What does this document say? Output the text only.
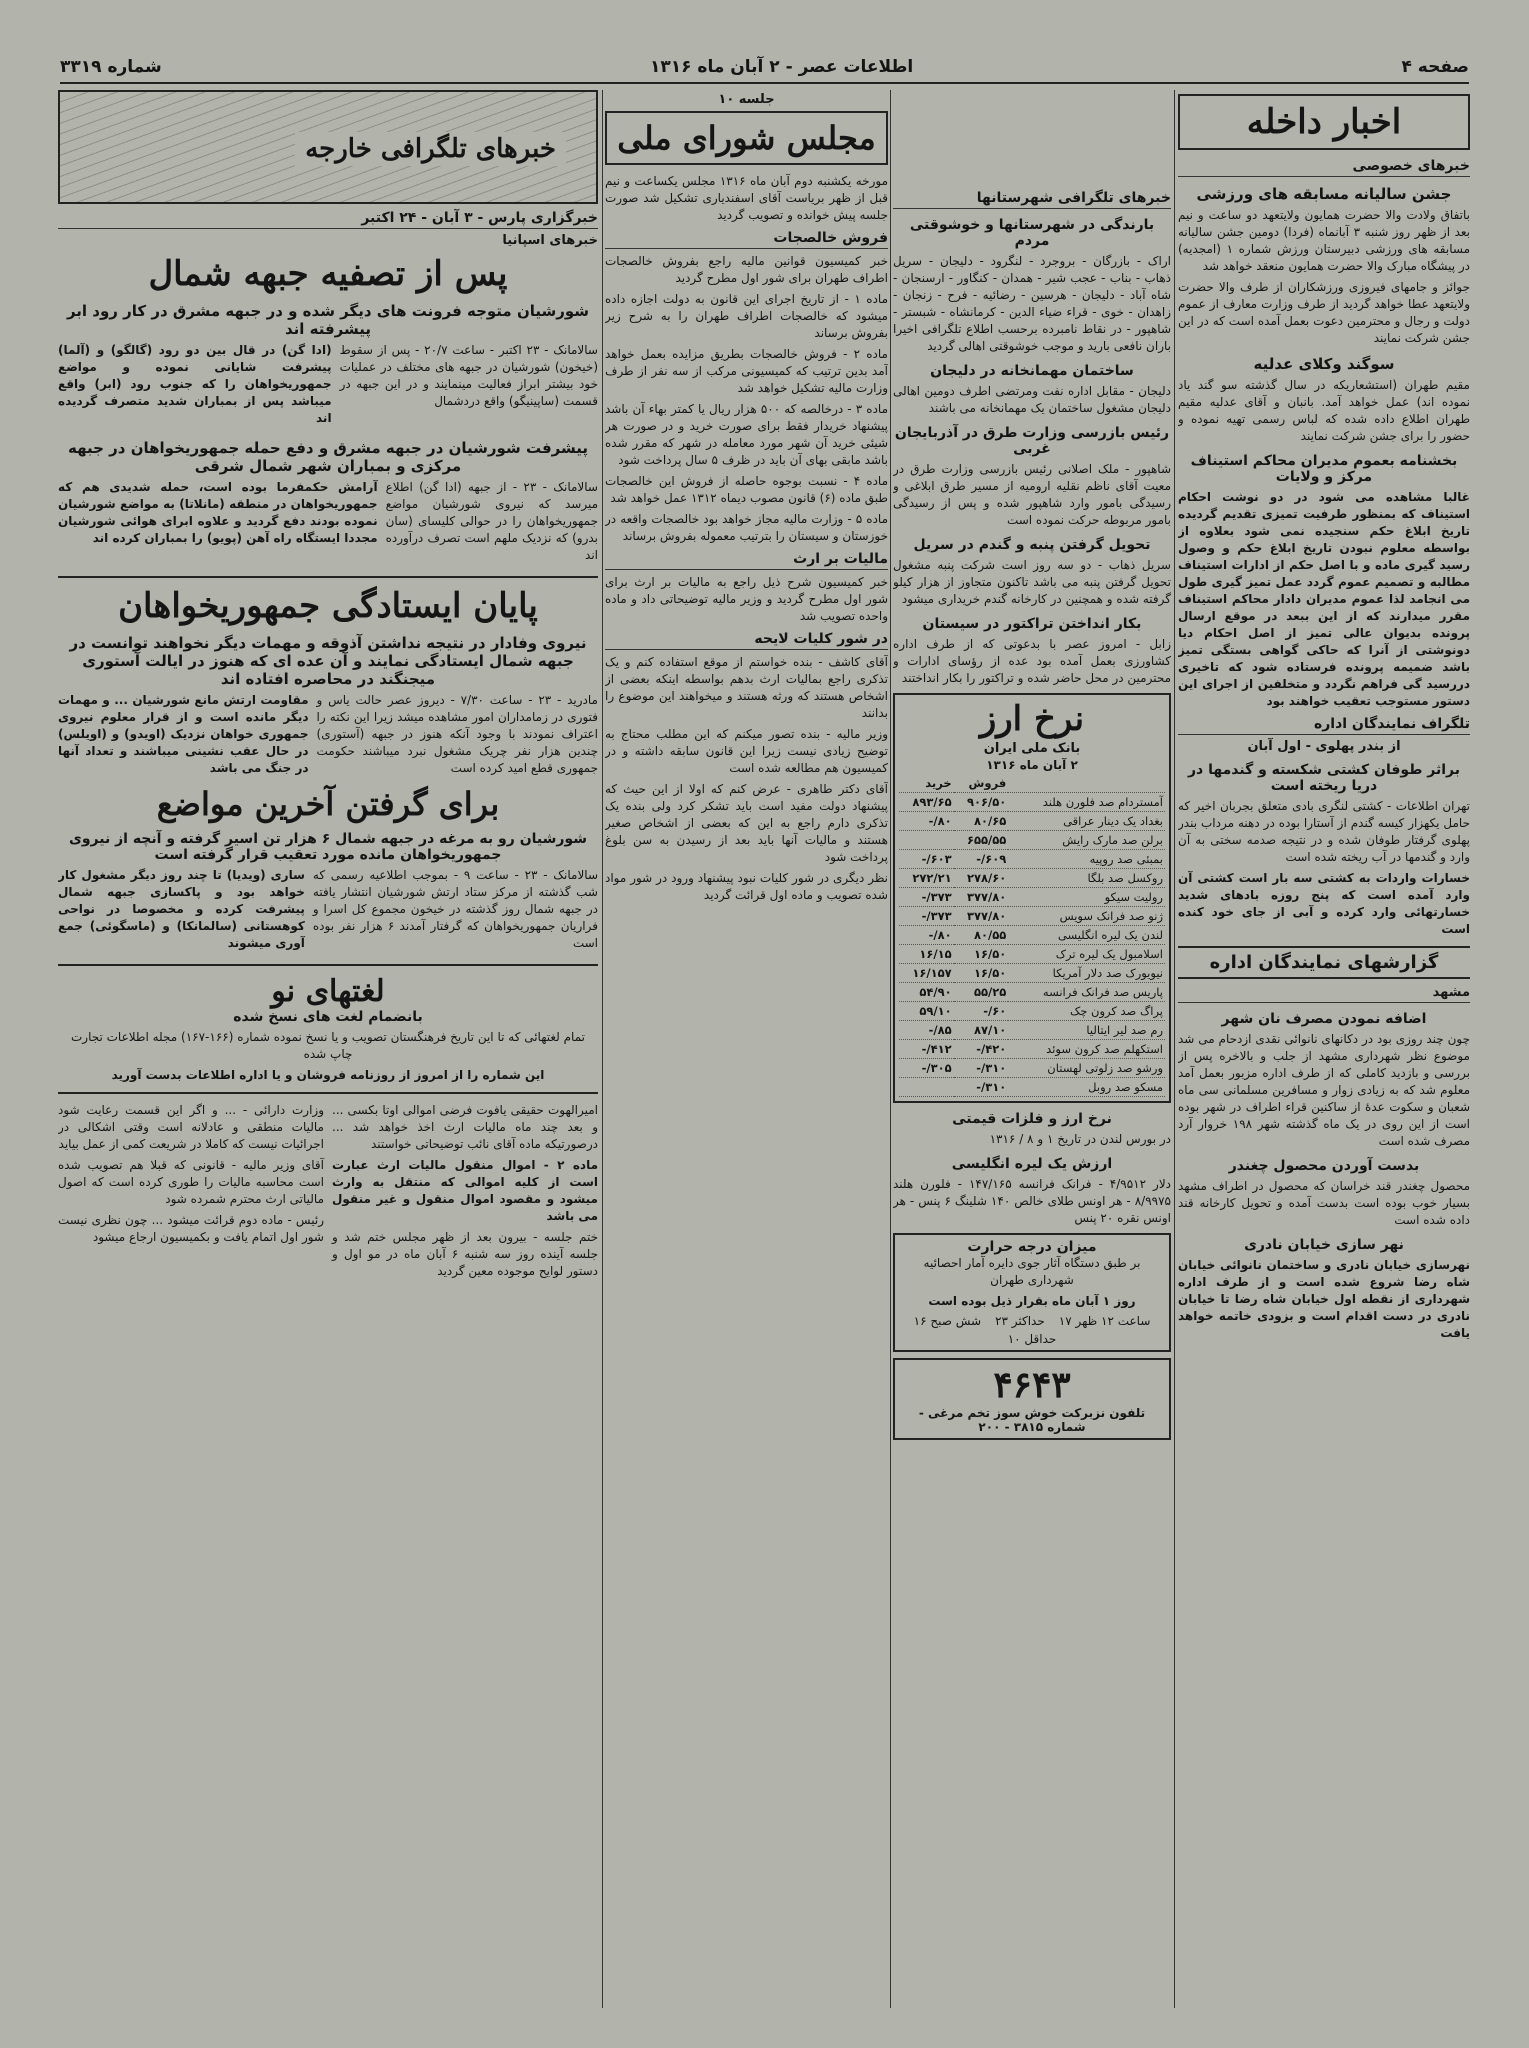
صفحه ۴
اطلاعات عصر - ۲ آبان ماه ۱۳۱۶
شماره ۳۳۱۹
اخبار داخله
خبرهای خصوصی
جشن سالیانه مسابقه های ورزشی

باتفاق ولادت والا حضرت همایون ولایتعهد دو ساعت و نیم بعد از ظهر روز شنبه ۳ آبانماه (فردا) دومین جشن سالیانه مسابقه های ورزشی دبیرستان ورزش شماره ۱ (امجدیه) در پیشگاه مبارک والا حضرت همایون منعقد خواهد شد

جوائز و جامهای فیروزی ورزشکاران از طرف والا حضرت ولایتعهد عطا خواهد گردید از طرف وزارت معارف از عموم دولت و رجال و محترمین دعوت بعمل آمده است که در این جشن شرکت نمایند

سوگند وکلای عدلیه

مقیم طهران (استشعاریکه در سال گذشته سو گند یاد نموده اند) عمل خواهد آمد. بانبان و آقای عدلیه مقیم طهران اطلاع داده شده که لباس رسمی تهیه نموده و حضور را برای جشن شرکت نمایند

بخشنامه بعموم مدیران محاکم استیناف مرکز و ولایات

غالبا مشاهده می شود در دو نوشت احکام استیناف که بمنظور طرفیت تمیزی تقدیم گردیده تاریخ ابلاغ حکم سنجیده نمی شود بعلاوه از بواسطه معلوم نبودن تاریخ ابلاغ حکم و وصول رسید گیری ماده و با اصل حکم از ادارات استیناف مطالبه و تصمیم عموم گردد عمل تمیز گیری طول می انجامد لذا عموم مدیران دادار محاکم استیناف مقرر میدارند که از این ببعد در موقع ارسال پرونده بدیوان عالی تمیز از اصل احکام دیا دونوشتی از آنرا که حاکی گواهی بستگی تمیز باشد ضمیمه پرونده فرستاده شود که تاخیری دررسید گی فراهم نگردد و متخلفین از اجرای این دستور مستوجب تعقیب خواهند بود

تلگراف نمایندگان اداره
از بندر پهلوی - اول آبان
براثر طوفان کشتی شکسته و گندمها در دریا ریخته است

تهران اطلاعات - کشتی لنگری بادی متعلق بجربان اخیر که حامل یکهزار کیسه گندم از آستارا بوده در دهنه مرداب بندر پهلوی گرفتار طوفان شده و در نتیجه صدمه سختی به آن وارد و گندمها در آب ریخته شده است

خسارات واردات به کشتی سه بار است کشتی آن وارد آمده است که پنج روزه بادهای شدید خسارتهائی وارد کرده و آبی از جای خود کنده است

گزارشهای نمایندگان اداره
مشهد
اضافه نمودن مصرف نان شهر

چون چند روزی بود در دکانهای نانوائی نقدی ازدحام می شد موضوع نظر شهرداری مشهد از جلب و بالاخره پس از بررسی و بازدید کاملی که از طرف اداره مزبور بعمل آمد معلوم شد که به زیادی زوار و مسافرین مسلمانی سی ماه شعبان و سکوت عدۀ از ساکنین قراء اطراف در شهر بوده است از این روی در یک ماه گذشته شهر ۱۹۸ خروار آرد مصرف شده است

بدست آوردن محصول چغندر

محصول چغندر قند خراسان که محصول در اطراف مشهد بسیار خوب بوده است بدست آمده و تحویل کارخانه قند داده شده است

نهر سازی خیابان نادری

نهرسازی خیابان نادری و ساختمان نانوائی خیابان شاه رضا شروع شده است و از طرف اداره شهرداری از نقطه اول خیابان شاه رضا تا خیابان نادری در دست اقدام است و بزودی خاتمه خواهد یافت

خبرهای تلگرافی شهرستانها
بارندگی در شهرستانها و خوشوقتی مردم

اراک - بازرگان - بروجرد - لنگرود - دلیجان - سریل ذهاب - بناب - عجب شیر - همدان - کنگاور - ارسنجان - شاه آباد - دلیجان - هرسین - رضائیه - فرح - زنجان - زاهدان - خوی - قراء ضیاء الدین - کرمانشاه - شبستر - شاهپور - در نقاط نامبرده برحسب اطلاع تلگرافی اخیرا باران نافعی بارید و موجب خوشوقتی اهالی گردید

ساختمان مهمانخانه در دلیجان

دلیجان - مقابل اداره نفت ومرتضی اطرف دومین اهالی دلیجان مشغول ساختمان یک مهمانخانه می باشند

رئیس بازرسی وزارت طرق در آذربایجان غربی

شاهپور - ملک اصلانی رئیس بازرسی وزارت طرق در معیت آقای ناظم نقلیه ارومیه از مسیر طرق ابلاغی و رسیدگی بامور وارد شاهپور شده و پس از رسیدگی بامور مربوطه حرکت نموده است

تحویل گرفتن پنبه و گندم در سریل

سریل ذهاب - دو سه روز است شرکت پنبه مشغول تحویل گرفتن پنبه می باشد تاکنون متجاوز از هزار کیلو گرفته شده و همچنین در کارخانه گندم خریداری میشود

بکار انداختن تراکتور در سیستان

زابل - امروز عصر با بدعوتی که از طرف اداره کشاورزی بعمل آمده بود عده از رؤسای ادارات و محترمین در محل حاضر شده و تراکتور را بکار انداختند

نرخ ارز
بانک ملی ایران
۲ آبان ماه ۱۳۱۶
	فروش	خرید
آمستردام صد فلورن هلند	۹۰۶/۵۰	۸۹۳/۶۵
بغداد یک دینار عراقی	۸۰/۶۵	۸۰/-
برلن صد مارک رایش	۶۵۵/۵۵	
بمبئی صد روپیه	۶۰۹/-	۶۰۳/-
روکسل صد بلگا	۲۷۸/۶۰	۲۷۲/۲۱
رولیت سیکو	۳۷۷/۸۰	۳۷۳/-
ژنو صد فرانک سویس	۳۷۷/۸۰	۳۷۳/-
لندن یک لیره انگلیسی	۸۰/۵۵	۸۰/-
اسلامبول یک لیره ترک	۱۶/۵۰	۱۶/۱۵
نیویورک صد دلار آمریکا	۱۶/۵۰	۱۶/۱۵۷
پاریس صد فرانک فرانسه	۵۵/۲۵	۵۴/۹۰
پراگ صد کرون چک	۶۰/-	۵۹/۱۰
رم صد لیر ایتالیا	۸۷/۱۰	۸۵/-
استکهلم صد کرون سوئد	۴۲۰/-	۴۱۲/-
ورشو صد زلوتی لهستان	۳۱۰/-	۳۰۵/-
مسکو صد روبل	۳۱۰/-	
نرخ ارز و فلزات قیمتی

در بورس لندن در تاریخ ۱ و ۸ / ۱۳۱۶

ارزش یک لیره انگلیسی

دلار ۴/۹۵۱۲ - فرانک فرانسه ۱۴۷/۱۶۵ - فلورن هلند ۸/۹۹۷۵ - هر اونس طلای خالص ۱۴۰ شلینگ ۶ پنس - هر اونس نقره ۲۰ پنس

میزان درجه حرارت

بر طبق دستگاه آثار جوی دایره آمار احصائیه شهرداری طهران

روز ۱ آبان ماه بقرار ذیل بوده است

ساعت ۱۲ ظهر ۱۷
حداکثر ۲۳
شش صبح ۱۶
حداقل ۱۰
۴۶۴۳
تلفون نزبرکت خوش سوز تخم مرغی - شماره ۳۸۱۵ - ۲۰۰
جلسه ۱۰
مجلس شورای ملی

مورخه یکشنبه دوم آبان ماه ۱۳۱۶ مجلس یکساعت و نیم قبل از ظهر بریاست آقای اسفندیاری تشکیل شد صورت جلسه پیش خوانده و تصویب گردید

فروش خالصجات

خبر کمیسیون قوانین مالیه راجع بفروش خالصجات اطراف طهران برای شور اول مطرح گردید

ماده ۱ - از تاریخ اجرای این قانون به دولت اجازه داده میشود که خالصجات اطراف طهران را به شرح زیر بفروش برساند

ماده ۲ - فروش خالصجات بطریق مزایده بعمل خواهد آمد بدین ترتیب که کمیسیونی مرکب از سه نفر از طرف وزارت مالیه تشکیل خواهد شد

ماده ۳ - درخالصه که ۵۰۰ هزار ریال یا کمتر بهاء آن باشد پیشنهاد خریدار فقط برای صورت خرید و در صورت هر شیئی خرید آن شهر مورد معامله در شهر که مقرر شده باشد مابقی بهای آن باید در ظرف ۵ سال پرداخت شود

ماده ۴ - نسبت بوجوه حاصله از فروش این خالصجات طبق ماده (۶) قانون مصوب دیماه ۱۳۱۲ عمل خواهد شد

ماده ۵ - وزارت مالیه مجاز خواهد بود خالصجات واقعه در خوزستان و سیستان را بترتیب معموله بفروش برساند

مالیات بر ارث

خبر کمیسیون شرح ذیل راجع به مالیات بر ارث برای شور اول مطرح گردید و وزیر مالیه توضیحاتی داد و ماده واحده تصویب شد

در شور کلیات لایحه

آقای کاشف - بنده خواستم از موقع استفاده کنم و یک تذکری راجع بمالیات ارث بدهم بواسطه اینکه بعضی از اشخاص هستند که ورثه هستند و میخواهند این موضوع را بدانند

وزیر مالیه - بنده تصور میکنم که این مطلب محتاج به توضیح زیادی نیست زیرا این قانون سابقه داشته و در کمیسیون هم مطالعه شده است

آقای دکتر طاهری - عرض کنم که اولا از این حیث که پیشنهاد دولت مفید است باید تشکر کرد ولی بنده یک تذکری دارم راجع به این که بعضی از اشخاص صغیر هستند و مالیات آنها باید بعد از رسیدن به سن بلوغ پرداخت شود

نظر دیگری در شور کلیات نبود پیشنهاد ورود در شور مواد شده تصویب و ماده اول قرائت گردید

خبرهای تلگرافی خارجه
خبرگزاری پارس - ۳ آبان - ۲۴ اکتبر
خبرهای اسپانیا
پس از تصفیه جبهه شمال
شورشیان متوجه فرونت های دیگر شده و در جبهه مشرق در کار رود ابر پیشرفته اند

سالامانک - ۲۳ اکتبر - ساعت ۲۰/۷ - پس از سقوط (خیخون) شورشیان در جبهه های مختلف در عملیات خود بیشتر ابراز فعالیت مینمایند و در این جبهه در قسمت (ساپینیگو) واقع دردشمال

(ادا گن) در قال بین دو رود (گالگو) و (آلما) پیشرفت شایانی نموده و مواضع جمهوریخواهان را که جنوب رود (ابر) واقع میباشد پس از بمباران شدید متصرف گردیده اند

پیشرفت شورشیان در جبهه مشرق و دفع حمله جمهوریخواهان در جبهه مرکزی و بمباران شهر شمال شرقی

سالامانک - ۲۳ - از جبهه (ادا گن) اطلاع میرسد که نیروی شورشیان مواضع جمهوریخواهان را در حوالی کلیسای (سان بدرو) که نزدیک ملهم است تصرف درآورده اند

آرامش حکمفرما بوده است، حمله شدیدی هم که جمهوریخواهان در منطقه (مانلاتا) به مواضع شورشیان نموده بودند دفع گردید و علاوه ابرای هوائی شورشیان مجددا ایستگاه راه آهن (پویو) را بمباران کرده اند

پایان ایستادگی جمهوریخواهان
نیروی وفادار در نتیجه نداشتن آذوقه و مهمات دیگر نخواهند توانست در جبهه شمال ایستادگی نمایند و آن عده ای که هنوز در ایالت آستوری میجنگند در محاصره افتاده اند

مادرید - ۲۳ - ساعت ۷/۳۰ - دیروز عصر حالت یاس و فتوری در زمامداران امور مشاهده میشد زیرا این نکته را اعتراف نمودند با وجود آنکه هنوز در جبهه (آستوری) چندین هزار نفر چریک مشغول نبرد میباشند حکومت جمهوری قطع امید کرده است

مقاومت ارتش مانع شورشیان ... و مهمات دیگر مانده است و از قرار معلوم نیروی جمهوری خواهان نزدیک (اویدو) و (اویلس) در حال عقب نشینی میباشند و تعداد آنها در جنگ می باشد

برای گرفتن آخرین مواضع
شورشیان رو به مرغه در جبهه شمال ۶ هزار تن اسیر گرفته و آنچه از نیروی جمهوریخواهان مانده مورد تعقیب قرار گرفته است

سالامانک - ۲۳ - ساعت ۹ - بموجب اطلاعیه رسمی که شب گذشته از مرکز ستاد ارتش شورشیان انتشار یافته در جبهه شمال روز گذشته در خیخون مجموع کل اسرا و فراریان جمهوریخواهان که گرفتار آمدند ۶ هزار نفر بوده است

ساری (ویدیا) تا چند روز دیگر مشغول کار خواهد بود و پاکسازی جبهه شمال پیشرفت کرده و مخصوصا در نواحی کوهستانی (سالمانکا) و (ماسگوئی) جمع آوری میشوند

لغتهای نو
بانضمام لغت های نسخ شده

تمام لغتهائی که تا این تاریخ فرهنگستان تصویب و یا نسخ نموده شماره (۱۶۶-۱۶۷) مجله اطلاعات تجارت چاپ شده

این شماره را از امروز از روزنامه فروشان و یا اداره اطلاعات بدست آورید

امیرالهوت حقیقی یافوت فرضی اموالی اوتا بکسی ... و بعد چند ماه مالیات ارث اخذ خواهد شد ... درصورتیکه ماده آقای نائب توضیحاتی خواستند

ماده ۲ - اموال منقول مالیات ارث عبارت است از کلیه اموالی که منتقل به وارث میشود و مقصود اموال منقول و غیر منقول می باشد

ختم جلسه - بیرون بعد از ظهر مجلس ختم شد و جلسه آینده روز سه شنبه ۶ آبان ماه در مو اول و دستور لوایح موجوده معین گردید

وزارت دارائی - ... و اگر این قسمت رعایت شود مالیات منطقی و عادلانه است وقتی اشکالی در اجرائیات نیست که کاملا در شریعت کمی از عمل بیاید

آقای وزیر مالیه - قانونی که قبلا هم تصویب شده است محاسبه مالیات را طوری کرده است که اصول مالیاتی ارث محترم شمرده شود

رئیس - ماده دوم قرائت میشود ... چون نظری نیست شور اول اتمام یافت و بکمیسیون ارجاع میشود
